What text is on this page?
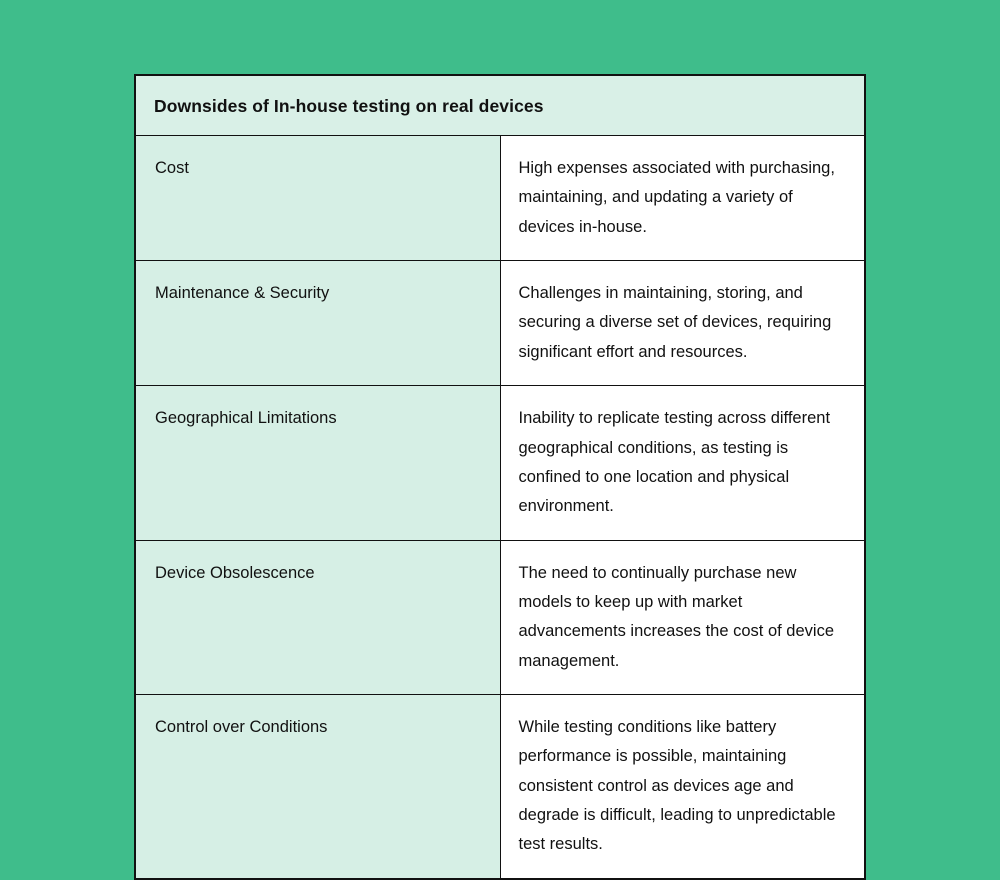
Downsides of In-house testing on real devices	
Cost	High expenses associated with purchasing, maintaining, and updating a variety of devices in-house.
Maintenance & Security	Challenges in maintaining, storing, and securing a diverse set of devices, requiring significant effort and resources.
Geographical Limitations	Inability to replicate testing across different geographical conditions, as testing is confined to one location and physical environment.
Device Obsolescence	The need to continually purchase new models to keep up with market advancements increases the cost of device management.
Control over Conditions	While testing conditions like battery performance is possible, maintaining consistent control as devices age and degrade is difficult, leading to unpredictable test results.
